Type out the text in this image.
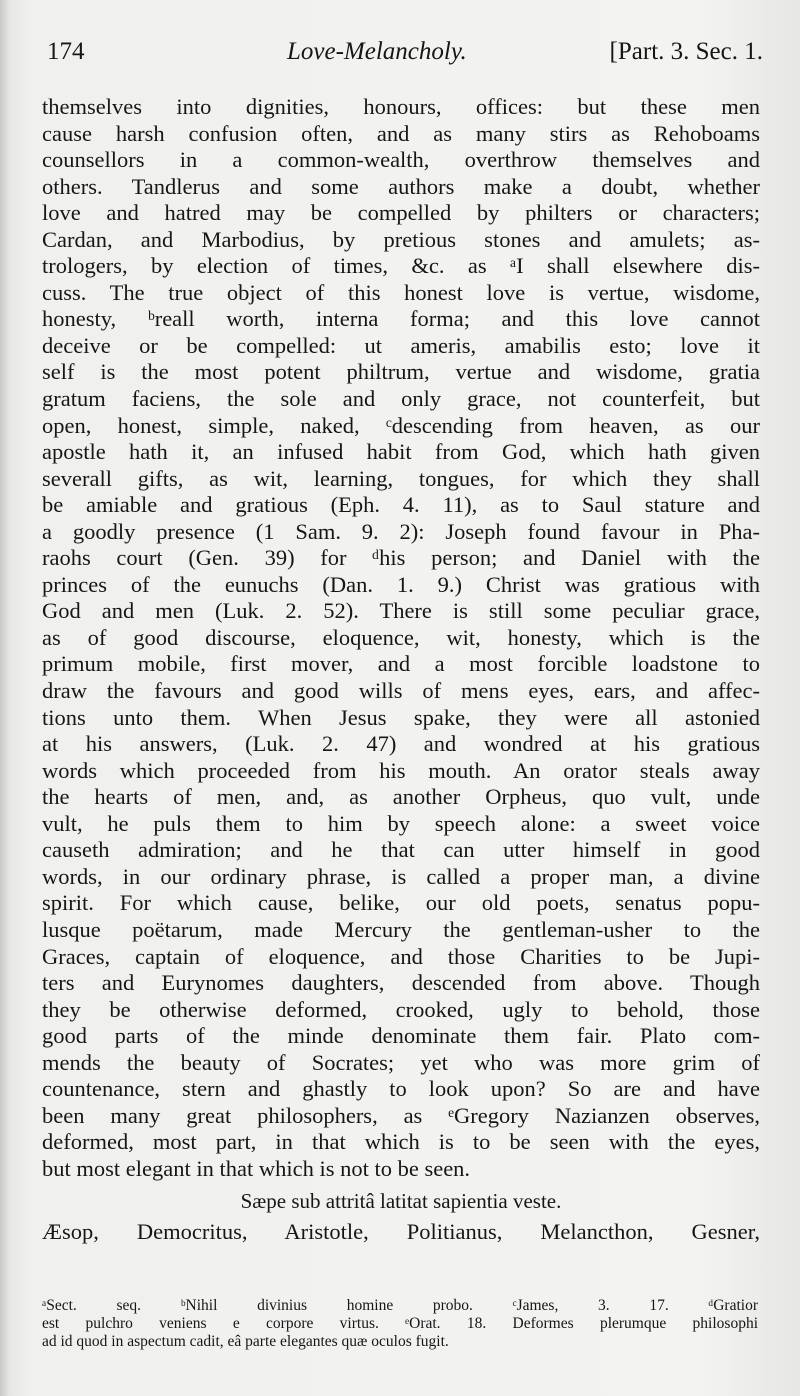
174	Love-Melancholy.	[Part. 3. Sec. 1.
themselves into dignities, honours, offices: but these men
cause harsh confusion often, and as many stirs as Rehoboams
counsellors in a common-wealth, overthrow themselves and
others. Tandlerus and some authors make a doubt, whether
love and hatred may be compelled by philters or characters;
Cardan, and Marbodius, by pretious stones and amulets; as-
trologers, by election of times, &c. as ᵃI shall elsewhere dis-
cuss. The true object of this honest love is vertue, wisdome,
honesty, ᵇreall worth, interna forma; and this love cannot
deceive or be compelled: ut ameris, amabilis esto; love it
self is the most potent philtrum, vertue and wisdome, gratia
gratum faciens, the sole and only grace, not counterfeit, but
open, honest, simple, naked, ᶜdescending from heaven, as our
apostle hath it, an infused habit from God, which hath given
severall gifts, as wit, learning, tongues, for which they shall
be amiable and gratious (Eph. 4. 11), as to Saul stature and
a goodly presence (1 Sam. 9. 2): Joseph found favour in Pha-
raohs court (Gen. 39) for ᵈhis person; and Daniel with the
princes of the eunuchs (Dan. 1. 9.) Christ was gratious with
God and men (Luk. 2. 52). There is still some peculiar grace,
as of good discourse, eloquence, wit, honesty, which is the
primum mobile, first mover, and a most forcible loadstone to
draw the favours and good wills of mens eyes, ears, and affec-
tions unto them. When Jesus spake, they were all astonied
at his answers, (Luk. 2. 47) and wondred at his gratious
words which proceeded from his mouth. An orator steals away
the hearts of men, and, as another Orpheus, quo vult, unde
vult, he puls them to him by speech alone: a sweet voice
causeth admiration; and he that can utter himself in good
words, in our ordinary phrase, is called a proper man, a divine
spirit. For which cause, belike, our old poets, senatus popu-
lusque poëtarum, made Mercury the gentleman-usher to the
Graces, captain of eloquence, and those Charities to be Jupi-
ters and Eurynomes daughters, descended from above. Though
they be otherwise deformed, crooked, ugly to behold, those
good parts of the minde denominate them fair. Plato com-
mends the beauty of Socrates; yet who was more grim of
countenance, stern and ghastly to look upon? So are and have
been many great philosophers, as ᵉGregory Nazianzen observes,
deformed, most part, in that which is to be seen with the eyes,
but most elegant in that which is not to be seen.
Sæpe sub attritâ latitat sapientia veste.
Æsop, Democritus, Aristotle, Politianus, Melancthon, Gesner,
ᵃSect. seq. ᵇNihil divinius homine probo. ᶜJames, 3. 17. ᵈGratior
est pulchro veniens e corpore virtus. ᵉOrat. 18. Deformes plerumque philosophi
ad id quod in aspectum cadit, eâ parte elegantes quæ oculos fugit.
